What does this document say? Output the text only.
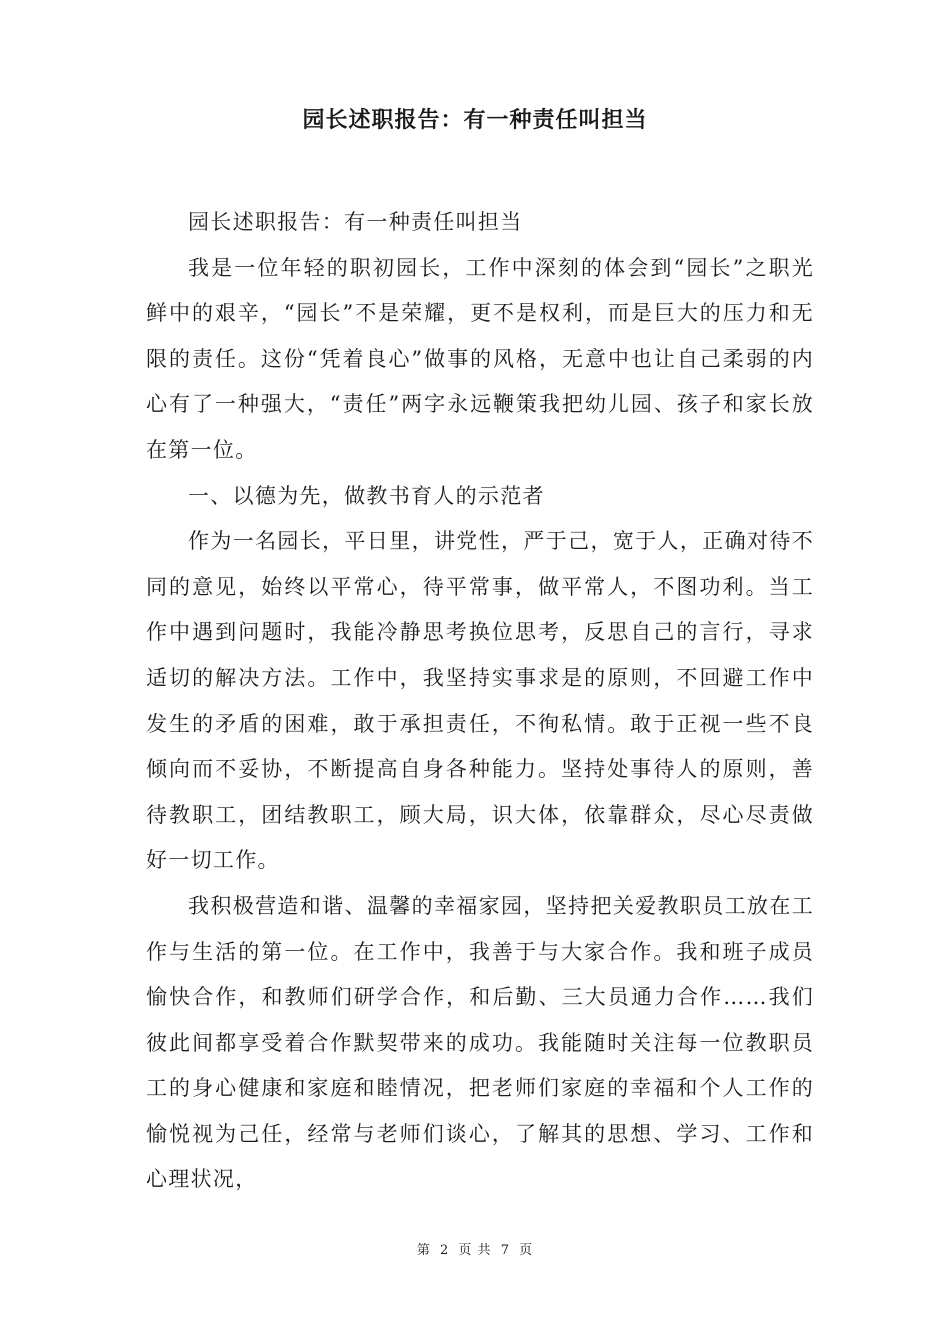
园长述职报告：有一种责任叫担当

园长述职报告：有一种责任叫担当

我是一位年轻的职初园长，工作中深刻的体会到“园长”之职光鲜中的艰辛，“园长”不是荣耀，更不是权利，而是巨大的压力和无限的责任。这份“凭着良心”做事的风格，无意中也让自己柔弱的内心有了一种强大，“责任”两字永远鞭策我把幼儿园、孩子和家长放在第一位。

一、以德为先，做教书育人的示范者

作为一名园长，平日里，讲党性，严于己，宽于人，正确对待不同的意见，始终以平常心，待平常事，做平常人，不图功利。当工作中遇到问题时，我能冷静思考换位思考，反思自己的言行，寻求适切的解决方法。工作中，我坚持实事求是的原则，不回避工作中发生的矛盾的困难，敢于承担责任，不徇私情。敢于正视一些不良倾向而不妥协，不断提高自身各种能力。坚持处事待人的原则，善待教职工，团结教职工，顾大局，识大体，依靠群众，尽心尽责做好一切工作。

我积极营造和谐、温馨的幸福家园，坚持把关爱教职员工放在工作与生活的第一位。在工作中，我善于与大家合作。我和班子成员愉快合作，和教师们研学合作，和后勤、三大员通力合作……我们彼此间都享受着合作默契带来的成功。我能随时关注每一位教职员工的身心健康和家庭和睦情况，把老师们家庭的幸福和个人工作的愉悦视为己任，经常与老师们谈心，了解其的思想、学习、工作和心理状况，

第 2 页 共 7 页
